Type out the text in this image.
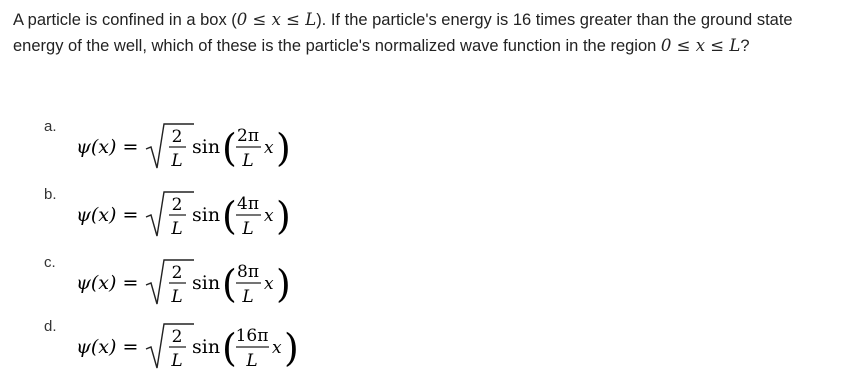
A particle is confined in a box (0 ≤ x ≤ L). If the particle's energy is 16 times greater than the ground state energy of the well, which of these is the particle's normalized wave function in the region 0 ≤ x ≤ L?
a.
ψ(x) = 2
L
sin ( 2π
L
x )
b.
ψ(x) = 2
L
sin ( 4π
L
x )
c.
ψ(x) = 2
L
sin ( 8π
L
x )
d.
ψ(x) = 2
L
sin (
16π
L
x )
